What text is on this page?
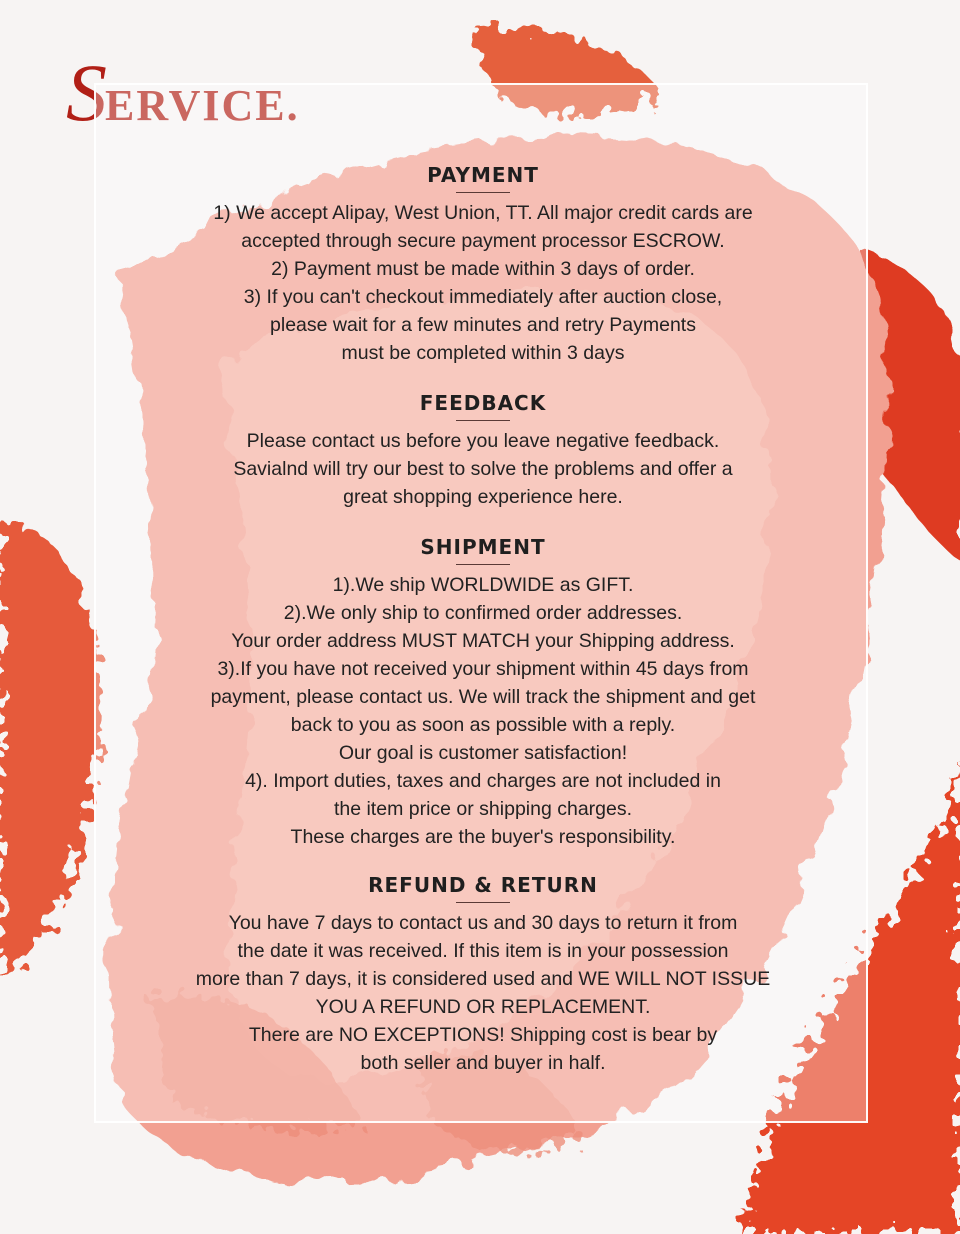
SERVICE.
PAYMENT
1) We accept Alipay, West Union, TT. All major credit cards are
accepted through secure payment processor ESCROW.
2) Payment must be made within 3 days of order.
3) If you can't checkout immediately after auction close,
please wait for a few minutes and retry Payments
must be completed within 3 days
FEEDBACK
Please contact us before you leave negative feedback.
Savialnd will try our best to solve the problems and offer a
great shopping experience here.
SHIPMENT
1).We ship WORLDWIDE as GIFT.
2).We only ship to confirmed order addresses.
Your order address MUST MATCH your Shipping address.
3).If you have not received your shipment within 45 days from
payment, please contact us. We will track the shipment and get
back to you as soon as possible with a reply.
Our goal is customer satisfaction!
4). Import duties, taxes and charges are not included in
the item price or shipping charges.
These charges are the buyer's responsibility.
REFUND & RETURN
You have 7 days to contact us and 30 days to return it from
the date it was received. If this item is in your possession
more than 7 days, it is considered used and WE WILL NOT ISSUE
YOU A REFUND OR REPLACEMENT.
There are NO EXCEPTIONS! Shipping cost is bear by
both seller and buyer in half.
